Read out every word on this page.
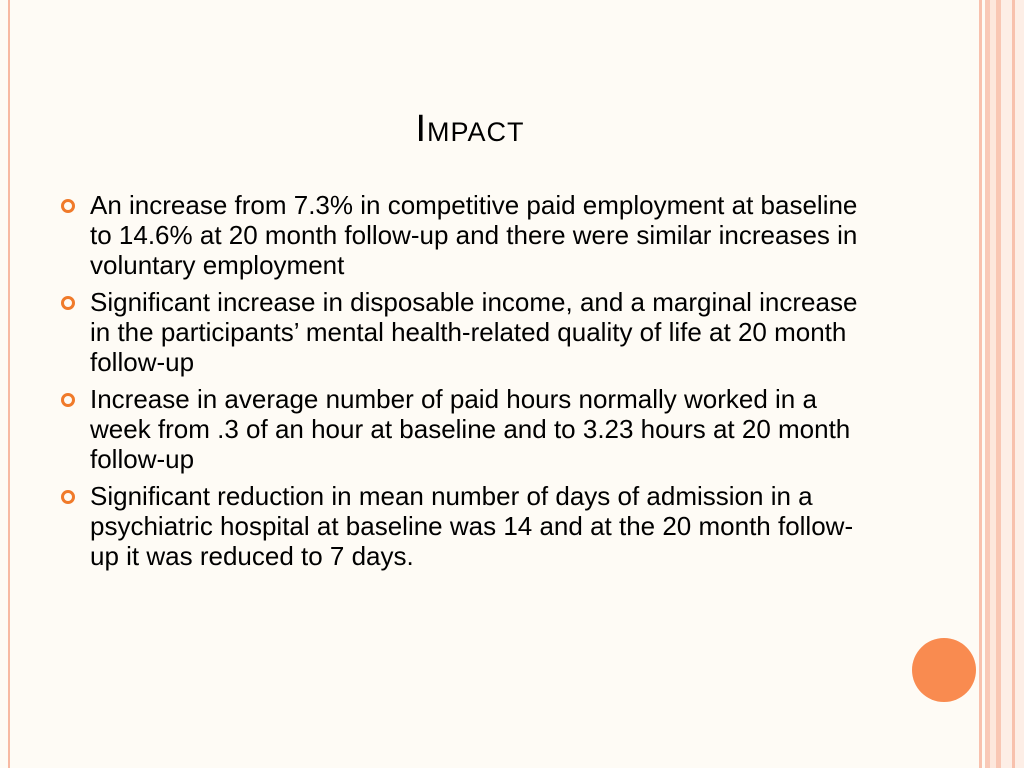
Impact
An increase from 7.3% in competitive paid employment at baseline to 14.6% at 20 month follow-up and there were similar increases in voluntary employment
Significant increase in disposable income, and a marginal increase in the participants’ mental health-related quality of life at 20 month follow-up
Increase in average number of paid hours normally worked in a week from .3 of an hour at baseline and to 3.23 hours at 20 month follow-up
Significant reduction in mean number of days of admission in a psychiatric hospital at baseline was 14 and at the 20 month follow-up it was reduced to 7 days.
